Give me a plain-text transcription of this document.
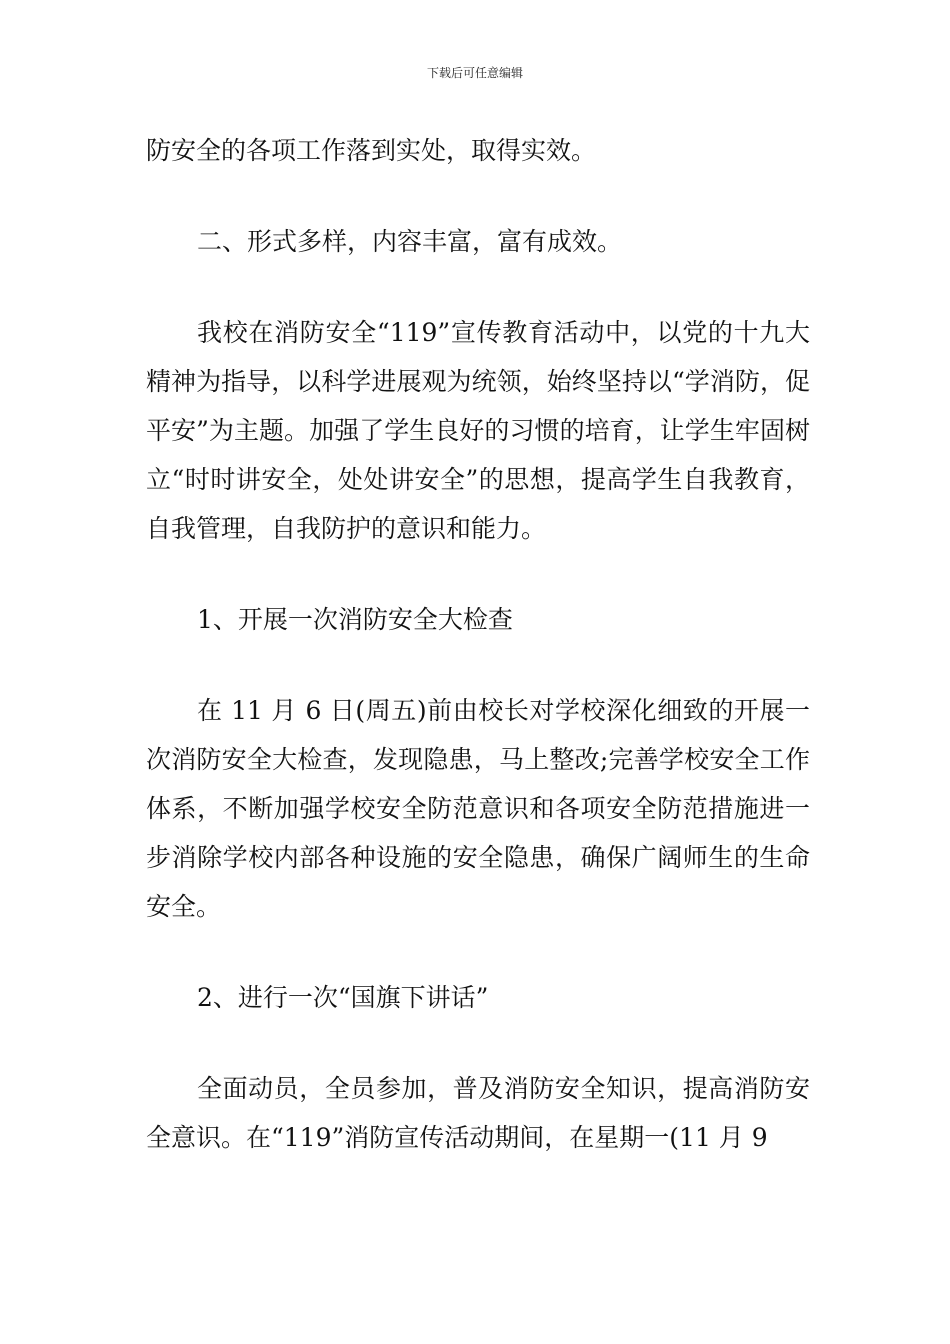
下载后可任意编辑

防安全的各项工作落到实处，取得实效。

二、形式多样，内容丰富，富有成效。

我校在消防安全“119”宣传教育活动中，以党的十九大精神为指导，以科学进展观为统领，始终坚持以“学消防，促平安”为主题。加强了学生良好的习惯的培育，让学生牢固树立“时时讲安全，处处讲安全”的思想，提高学生自我教育，自我管理，自我防护的意识和能力。

1、开展一次消防安全大检查

在 11 月 6 日(周五)前由校长对学校深化细致的开展一次消防安全大检查，发现隐患，马上整改;完善学校安全工作体系，不断加强学校安全防范意识和各项安全防范措施进一步消除学校内部各种设施的安全隐患，确保广阔师生的生命安全。

2、进行一次“国旗下讲话”

全面动员，全员参加，普及消防安全知识，提高消防安全意识。在“119”消防宣传活动期间，在星期一(11 月 9
